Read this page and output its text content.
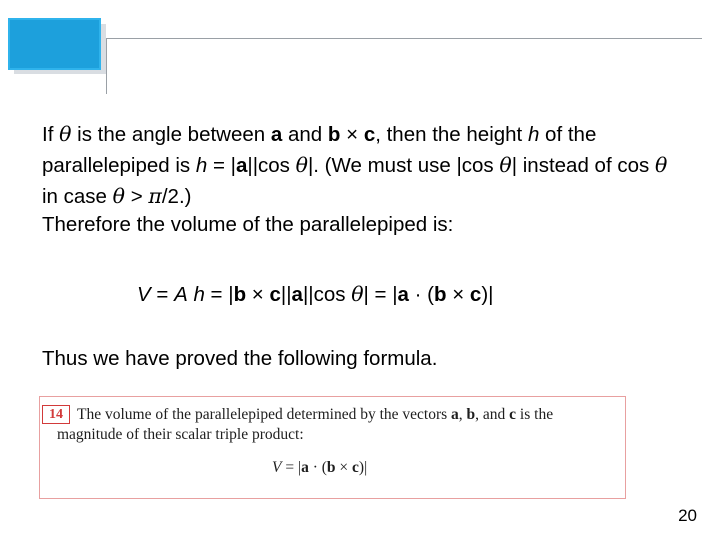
If θ is the angle between a and b × c, then the height h of the parallelepiped is h = |a||cos θ|. (We must use |cos θ| instead of cos θ in case θ > π/2.)

Therefore the volume of the parallelepiped is:

V = A h = |b × c||a||cos θ| = |a · (b × c)|

Thus we have proved the following formula.

14 The volume of the parallelepiped determined by the vectors a, b, and c is the magnitude of their scalar triple product:
V = |a · (b × c)|
20
